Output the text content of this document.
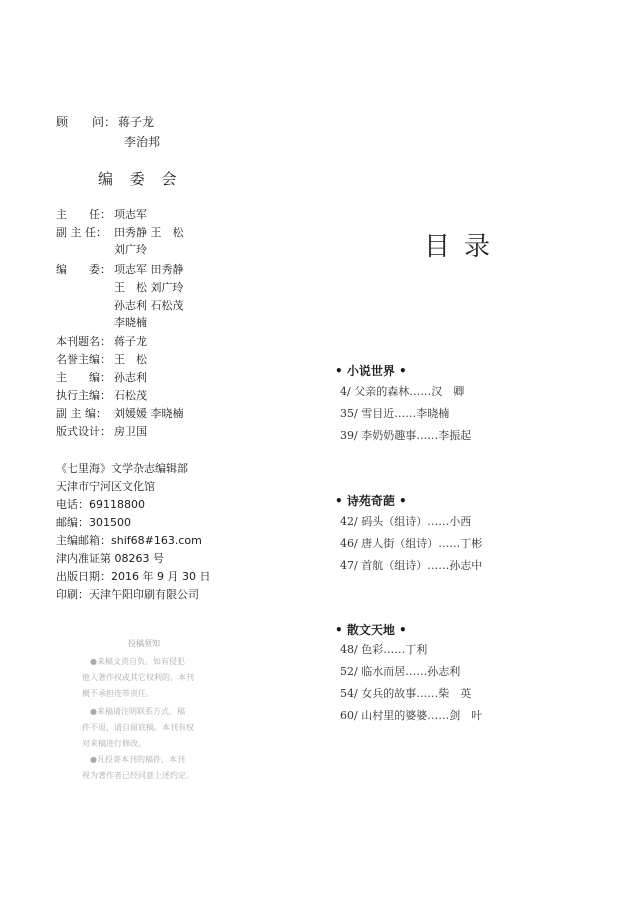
顾　　问： 蒋子龙
李治邦
编 委 会
主　　任： 项志军
副 主 任： 田秀静 王　松
刘广玲
编　　委： 项志军 田秀静
王　松 刘广玲
孙志利 石松茂
李晓楠
本刊题名： 蒋子龙
名誉主编： 王　松
主　　编： 孙志利
执行主编： 石松茂
副 主 编： 刘媛媛 李晓楠
版式设计： 房卫国
《七里海》文学杂志编辑部
天津市宁河区文化馆
电话：69118800
邮编：301500
主编邮箱：shif68#163.com
津内准证第 08263 号
出版日期：2016 年 9 月 30 日
印刷：天津午阳印刷有限公司
投稿须知
●来稿文责自负。如有侵犯
他人著作权或其它权利的，本刊
概不承担连带责任。
●来稿请注明联系方式。稿
件不退，请自留底稿。本刊有权
对来稿进行修改。
●凡投寄本刊的稿件，本刊
视为著作者已经同意上述约定。
目录
• 小说世界 •
4/ 父亲的森林……汉　卿
35/ 雪目近……李晓楠
39/ 李奶奶趣事……李振起
• 诗苑奇葩 •
42/ 码头（组诗）……小西
46/ 唐人街（组诗）……丁彬
47/ 首航（组诗）……孙志中
• 散文天地 •
48/ 色彩……丁利
52/ 临水而居……孙志利
54/ 女兵的故事……柴　英
60/ 山村里的婆婆……剑　叶
